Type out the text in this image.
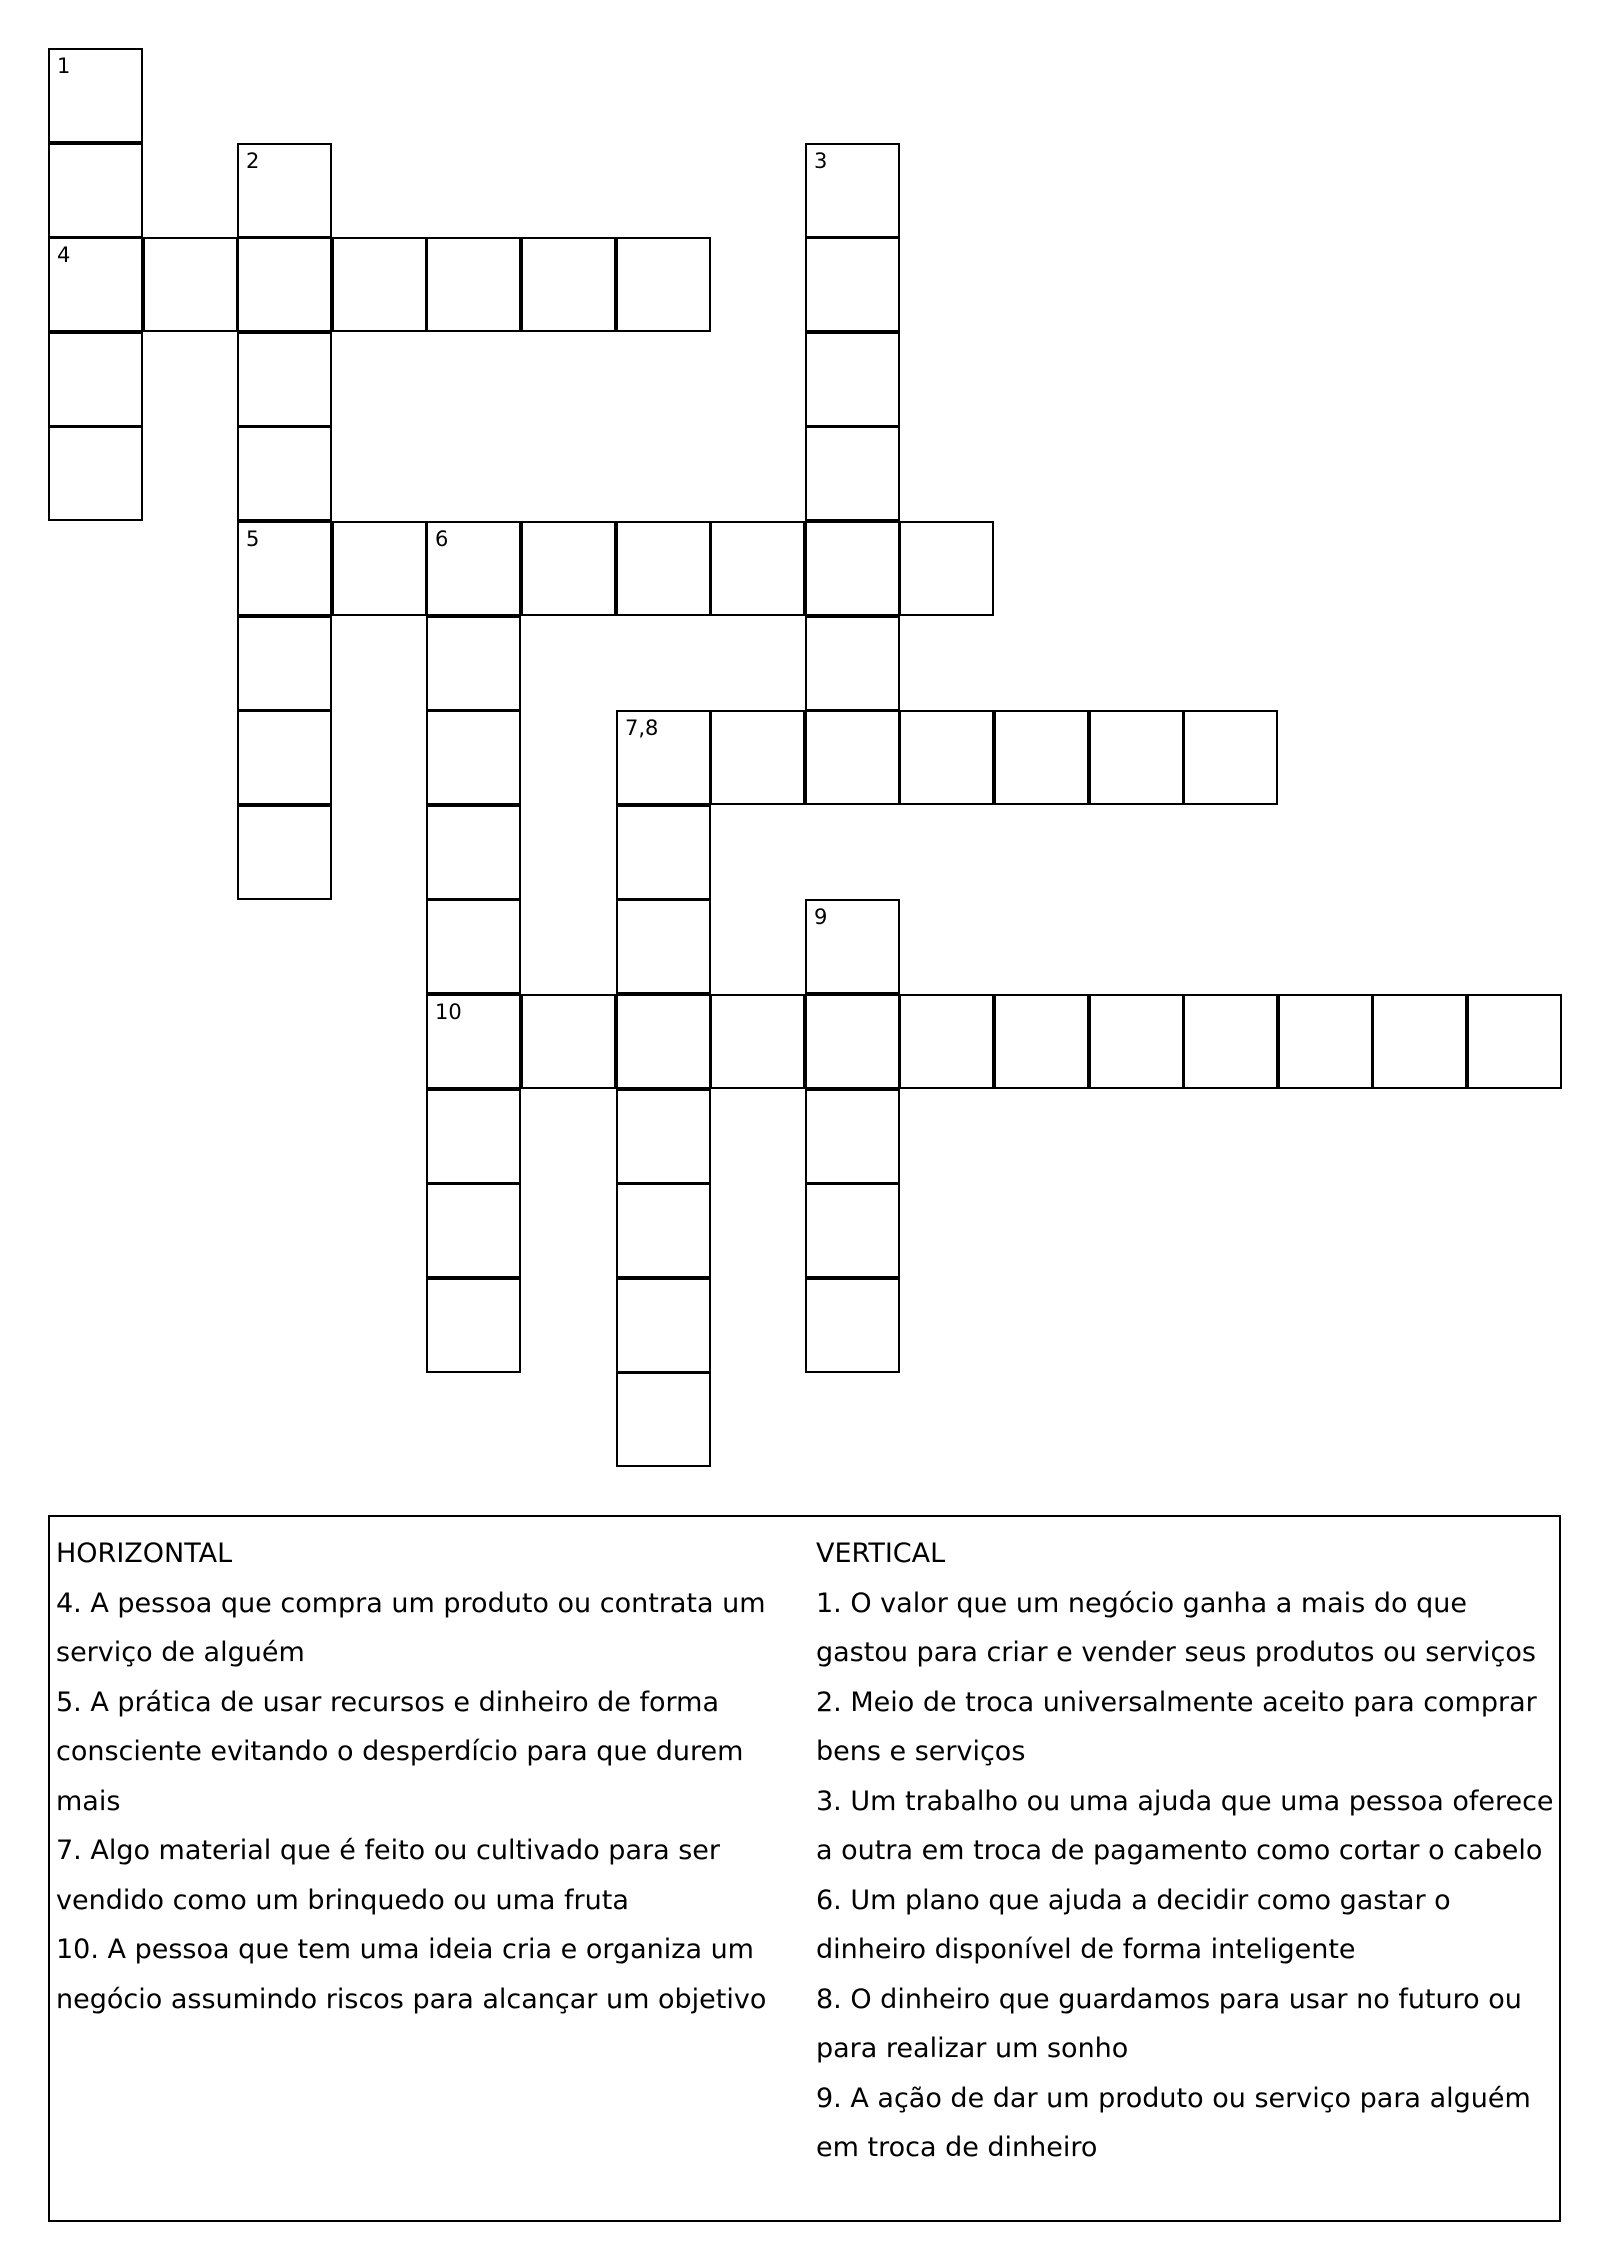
1
4
2
5	6
10
7,8
3
9
HORIZONTAL
4. A pessoa que compra um produto ou contrata um serviço de alguém
5. A prática de usar recursos e dinheiro de forma consciente evitando o desperdício para que durem mais
7. Algo material que é feito ou cultivado para ser vendido como um brinquedo ou uma fruta
10. A pessoa que tem uma ideia cria e organiza um negócio assumindo riscos para alcançar um objetivo
VERTICAL
1. O valor que um negócio ganha a mais do que gastou para criar e vender seus produtos ou serviços
2. Meio de troca universalmente aceito para comprar bens e serviços
3. Um trabalho ou uma ajuda que uma pessoa oferece a outra em troca de pagamento como cortar o cabelo
6. Um plano que ajuda a decidir como gastar o dinheiro disponível de forma inteligente
8. O dinheiro que guardamos para usar no futuro ou para realizar um sonho
9. A ação de dar um produto ou serviço para alguém em troca de dinheiro
